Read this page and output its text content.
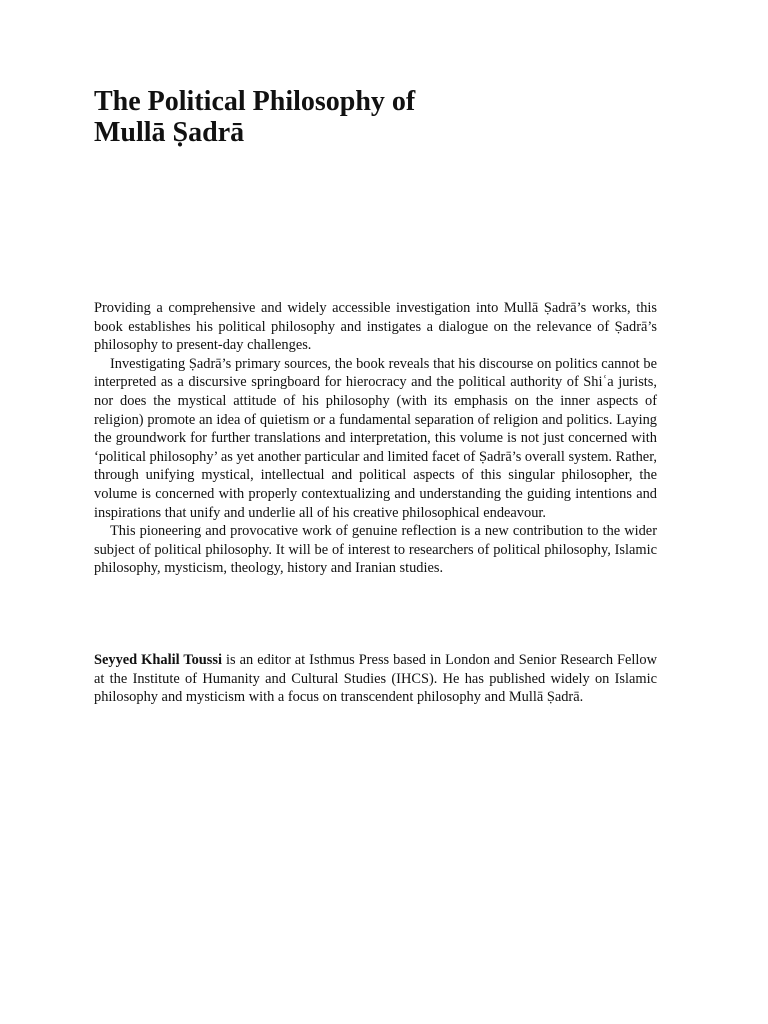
The Political Philosophy of
Mullā Ṣadrā

Providing a comprehensive and widely accessible investigation into Mullā Ṣadrā’s works, this book establishes his political philosophy and instigates a dialogue on the relevance of Ṣadrā’s philosophy to present-day challenges.

Investigating Ṣadrā’s primary sources, the book reveals that his discourse on politics cannot be interpreted as a discursive springboard for hierocracy and the political authority of Shiʿa jurists, nor does the mystical attitude of his philosophy (with its emphasis on the inner aspects of religion) promote an idea of quietism or a fundamental separation of religion and politics. Laying the groundwork for further translations and interpretation, this volume is not just concerned with ‘political philosophy’ as yet another particular and limited facet of Ṣadrā’s overall system. Rather, through unifying mystical, intellectual and political aspects of this singular philosopher, the volume is concerned with properly contextualizing and understanding the guiding intentions and inspirations that unify and underlie all of his creative philosophical endeavour.

This pioneering and provocative work of genuine reflection is a new contribution to the wider subject of political philosophy. It will be of interest to researchers of political philosophy, Islamic philosophy, mysticism, theology, history and Iranian studies.

Seyyed Khalil Toussi is an editor at Isthmus Press based in London and Senior Research Fellow at the Institute of Humanity and Cultural Studies (IHCS). He has published widely on Islamic philosophy and mysticism with a focus on transcendent philosophy and Mullā Ṣadrā.
